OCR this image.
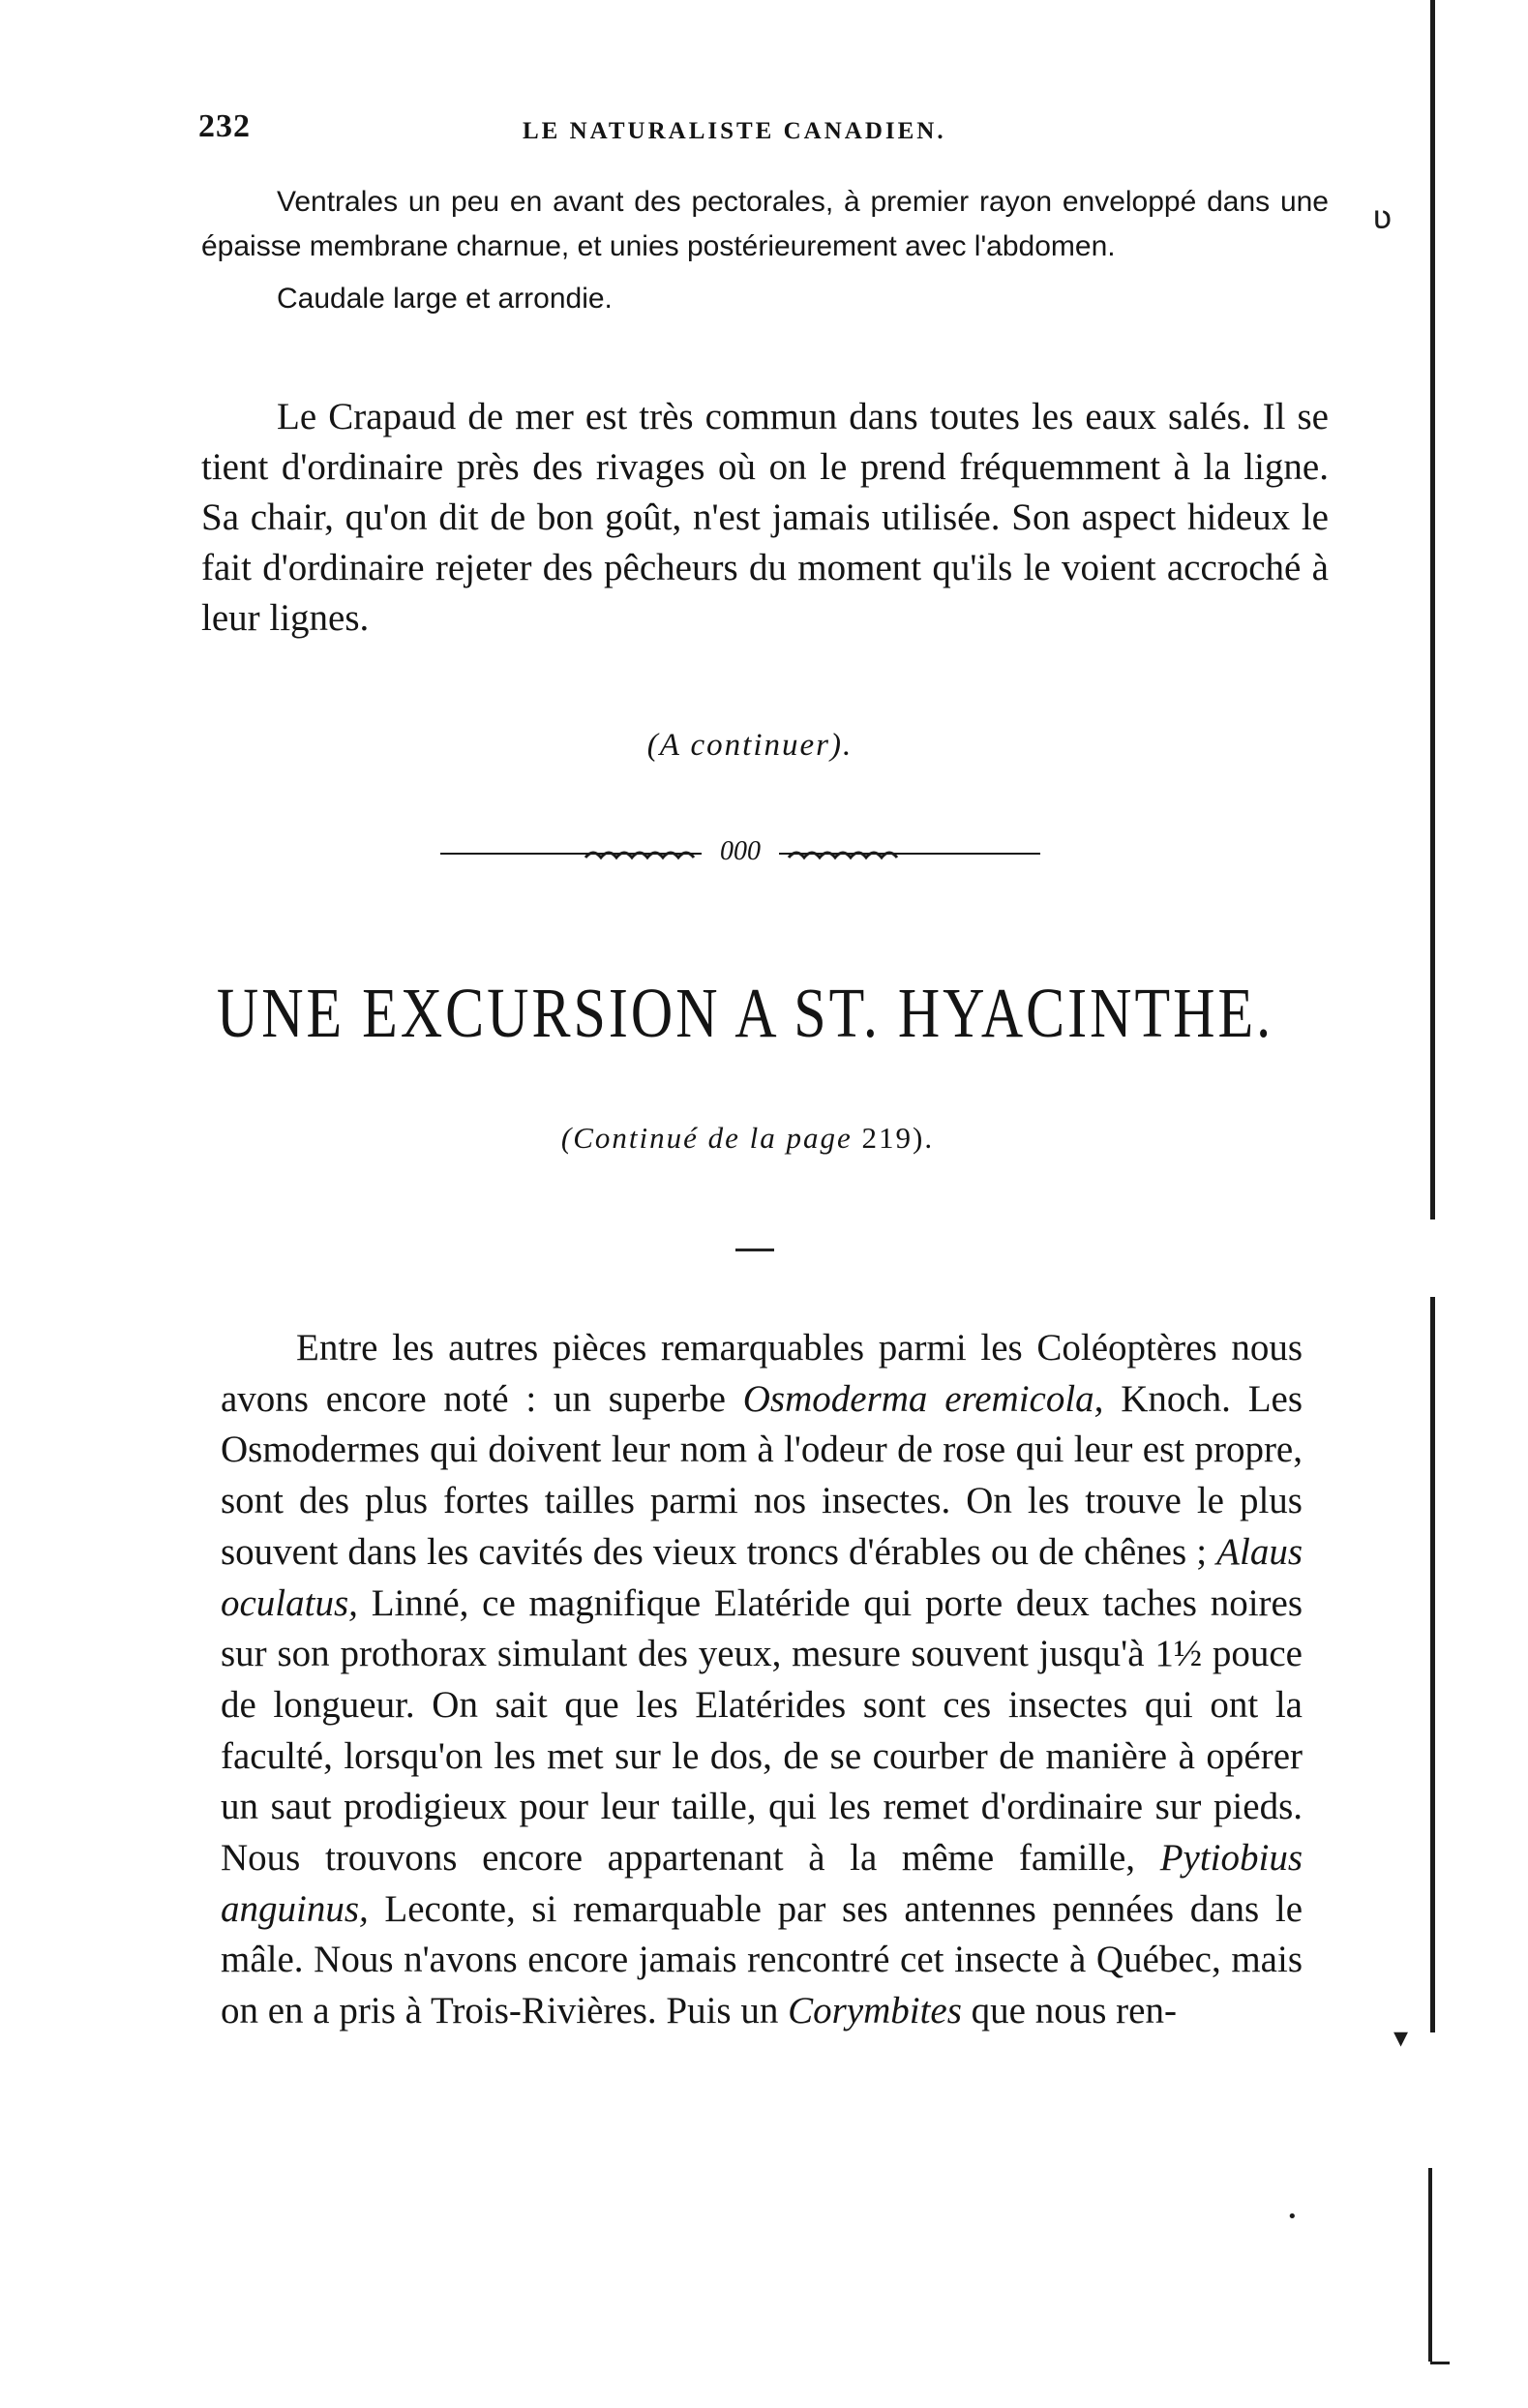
232	LE NATURALISTE CANADIEN.

Ventrales un peu en avant des pectorales, à premier rayon enveloppé dans une épaisse membrane charnue, et unies postérieurement avec l'abdomen.

Caudale large et arrondie.

Le Crapaud de mer est très commun dans toutes les eaux salés. Il se tient d'ordinaire près des rivages où on le prend fréquemment à la ligne. Sa chair, qu'on dit de bon goût, n'est jamais utilisée. Son aspect hideux le fait d'ordinaire rejeter des pêcheurs du moment qu'ils le voient accroché à leur lignes.

(A continuer).
000
UNE EXCURSION A ST. HYACINTHE.
(Continué de la page 219).

Entre les autres pièces remarquables parmi les Coléoptères nous avons encore noté : un superbe Osmoderma eremicola, Knoch. Les Osmodermes qui doivent leur nom à l'odeur de rose qui leur est propre, sont des plus fortes tailles parmi nos insectes. On les trouve le plus souvent dans les cavités des vieux troncs d'érables ou de chênes ; Alaus oculatus, Linné, ce magnifique Elatéride qui porte deux taches noires sur son prothorax simulant des yeux, mesure souvent jusqu'à 1½ pouce de longueur. On sait que les Elatérides sont ces insectes qui ont la faculté, lorsqu'on les met sur le dos, de se courber de manière à opérer un saut prodigieux pour leur taille, qui les remet d'ordinaire sur pieds. Nous trouvons encore appartenant à la même famille, Pytiobius anguinus, Leconte, si remarquable par ses antennes pennées dans le mâle. Nous n'avons encore jamais rencontré cet insecte à Québec, mais on en a pris à Trois-Rivières. Puis un Corymbites que nous ren-

ʋ
▾
•
